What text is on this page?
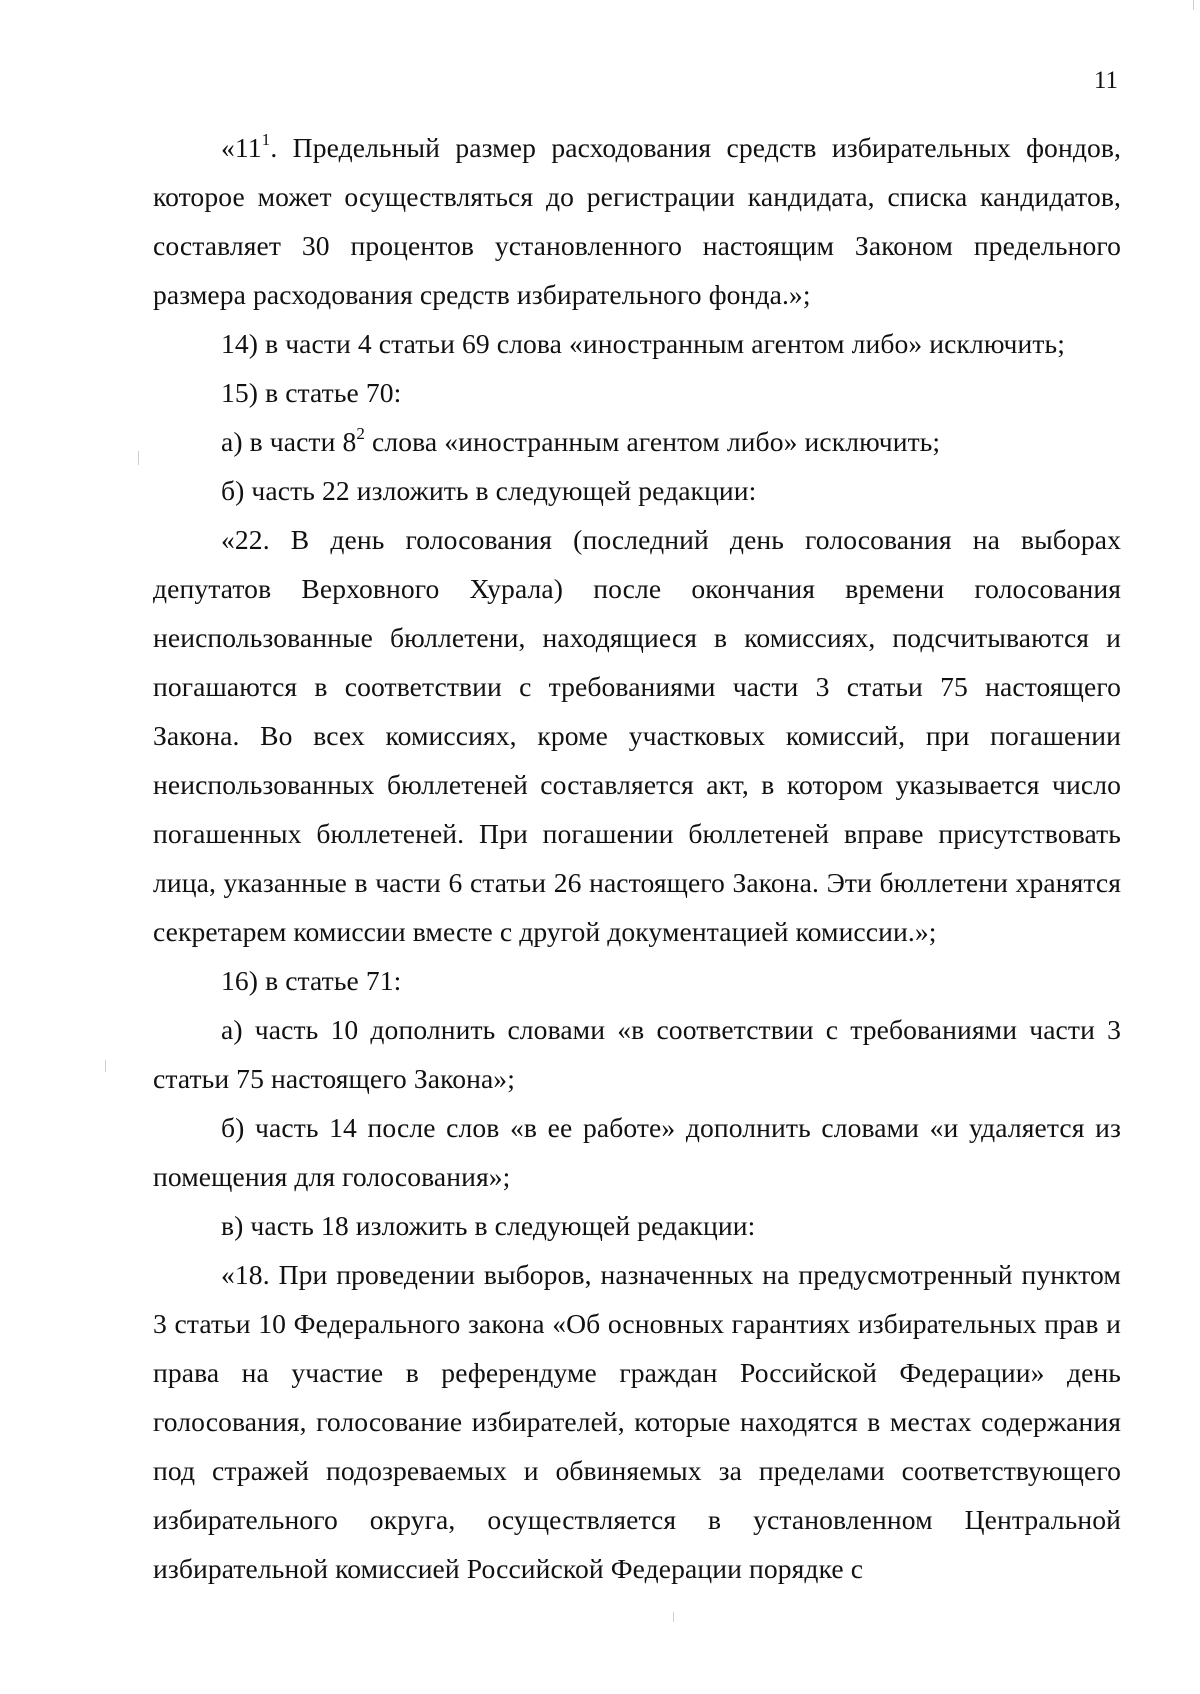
11

«$11^1$. Предельный размер расходования средств избирательных фондов, которое может осуществляться до регистрации кандидата, списка кандидатов, составляет 30 процентов установленного настоящим Законом предельного размера расходования средств избирательного фонда.»;

14) в части 4 статьи 69 слова «иностранным агентом либо» исключить;

15) в статье 70:

а) в части $8^2$ слова «иностранным агентом либо» исключить;

б) часть 22 изложить в следующей редакции:

«22. В день голосования (последний день голосования на выборах депутатов Верховного Хурала) после окончания времени голосования неиспользованные бюллетени, находящиеся в комиссиях, подсчитываются и погашаются в соответствии с требованиями части 3 статьи 75 настоящего Закона. Во всех комиссиях, кроме участковых комиссий, при погашении неиспользованных бюллетеней составляется акт, в котором указывается число погашенных бюллетеней. При погашении бюллетеней вправе присутствовать лица, указанные в части 6 статьи 26 настоящего Закона. Эти бюллетени хранятся секретарем комиссии вместе с другой документацией комиссии.»;

16) в статье 71:

а) часть 10 дополнить словами «в соответствии с требованиями части 3 статьи 75 настоящего Закона»;

б) часть 14 после слов «в ее работе» дополнить словами «и удаляется из помещения для голосования»;

в) часть 18 изложить в следующей редакции:

«18. При проведении выборов, назначенных на предусмотренный пунктом 3 статьи 10 Федерального закона «Об основных гарантиях избирательных прав и права на участие в референдуме граждан Российской Федерации» день голосования, голосование избирателей, которые находятся в местах содержания под стражей подозреваемых и обвиняемых за пределами соответствующего избирательного округа, осуществляется в установленном Центральной избирательной комиссией Российской Федерации порядке с
